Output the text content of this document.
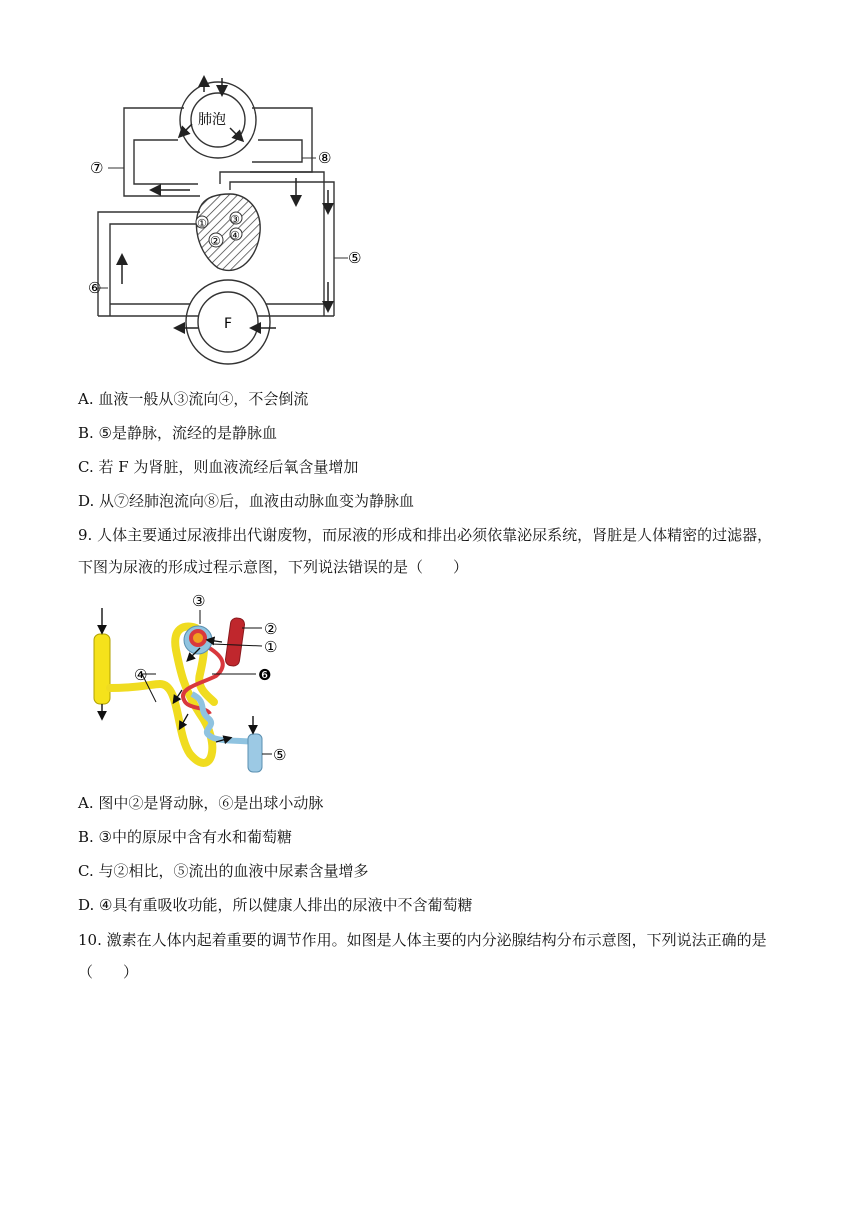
肺泡
F
①
②
③
④
⑦
⑧
⑤
⑥
A. 血液一般从③流向④，不会倒流
B. ⑤是静脉，流经的是静脉血
C. 若 F 为肾脏，则血液流经后氧含量增加
D. 从⑦经肺泡流向⑧后，血液由动脉血变为静脉血
9. 人体主要通过尿液排出代谢废物，而尿液的形成和排出必须依靠泌尿系统，肾脏是人体精密的过滤器，
下图为尿液的形成过程示意图，下列说法错误的是（　　）
③
②
①
❻
④
⑤
A. 图中②是肾动脉，⑥是出球小动脉
B. ③中的原尿中含有水和葡萄糖
C. 与②相比，⑤流出的血液中尿素含量增多
D. ④具有重吸收功能，所以健康人排出的尿液中不含葡萄糖
10. 激素在人体内起着重要的调节作用。如图是人体主要的内分泌腺结构分布示意图，下列说法正确的是
（　　）
